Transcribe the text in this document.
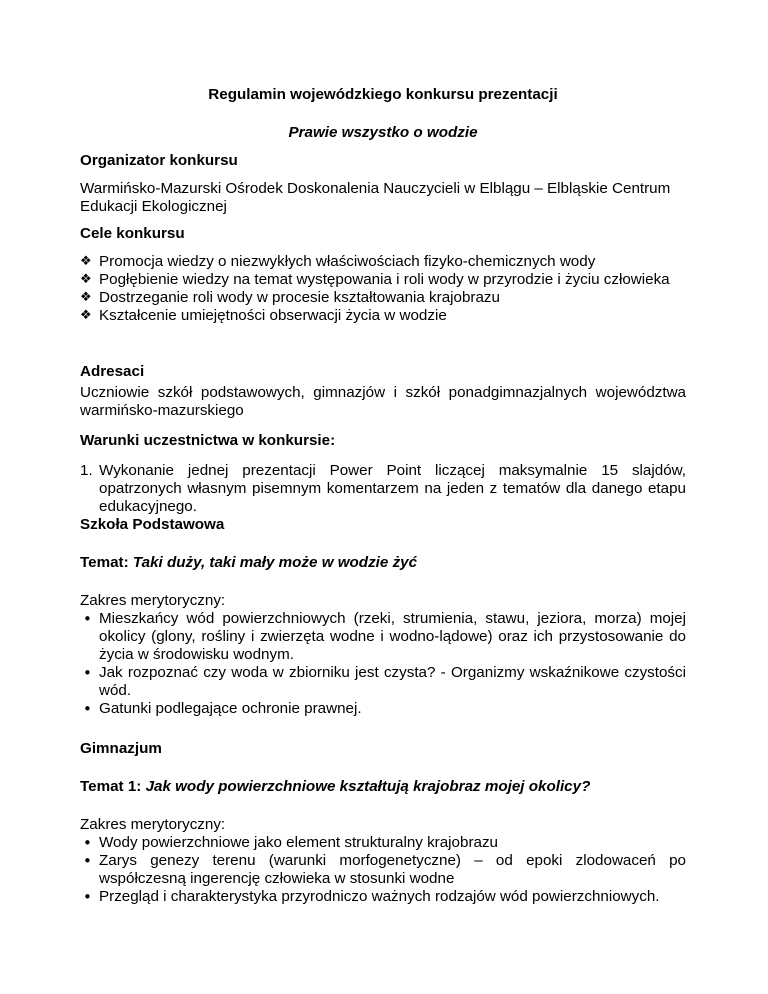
Regulamin wojewódzkiego konkursu prezentacji
Prawie wszystko o wodzie
Organizator konkursu
Warmińsko-Mazurski Ośrodek Doskonalenia Nauczycieli w Elblągu – Elbląskie Centrum Edukacji Ekologicznej
Cele konkursu
❖ Promocja wiedzy o niezwykłych właściwościach fizyko-chemicznych wody
❖ Pogłębienie wiedzy na temat występowania i roli wody w przyrodzie i życiu człowieka
❖ Dostrzeganie roli wody w procesie kształtowania krajobrazu
❖ Kształcenie umiejętności obserwacji życia w wodzie
Adresaci
Uczniowie szkół podstawowych, gimnazjów i szkół ponadgimnazjalnych województwa warmińsko-mazurskiego
Warunki uczestnictwa w konkursie:
1. Wykonanie jednej prezentacji Power Point liczącej maksymalnie 15 slajdów, opatrzonych własnym pisemnym komentarzem na jeden z tematów dla danego etapu edukacyjnego.
Szkoła Podstawowa
Temat: Taki duży, taki mały może w wodzie żyć
Zakres merytoryczny:
• Mieszkańcy wód powierzchniowych (rzeki, strumienia, stawu, jeziora, morza) mojej okolicy (glony, rośliny i zwierzęta wodne i wodno-lądowe) oraz ich przystosowanie do życia w środowisku wodnym.
• Jak rozpoznać czy woda w zbiorniku jest czysta? - Organizmy wskaźnikowe czystości wód.
• Gatunki podlegające ochronie prawnej.
Gimnazjum
Temat 1: Jak wody powierzchniowe kształtują krajobraz mojej okolicy?
Zakres merytoryczny:
• Wody powierzchniowe jako element strukturalny krajobrazu
• Zarys genezy terenu (warunki morfogenetyczne) – od epoki zlodowaceń po współczesną ingerencję człowieka w stosunki wodne
• Przegląd i charakterystyka przyrodniczo ważnych rodzajów wód powierzchniowych.
